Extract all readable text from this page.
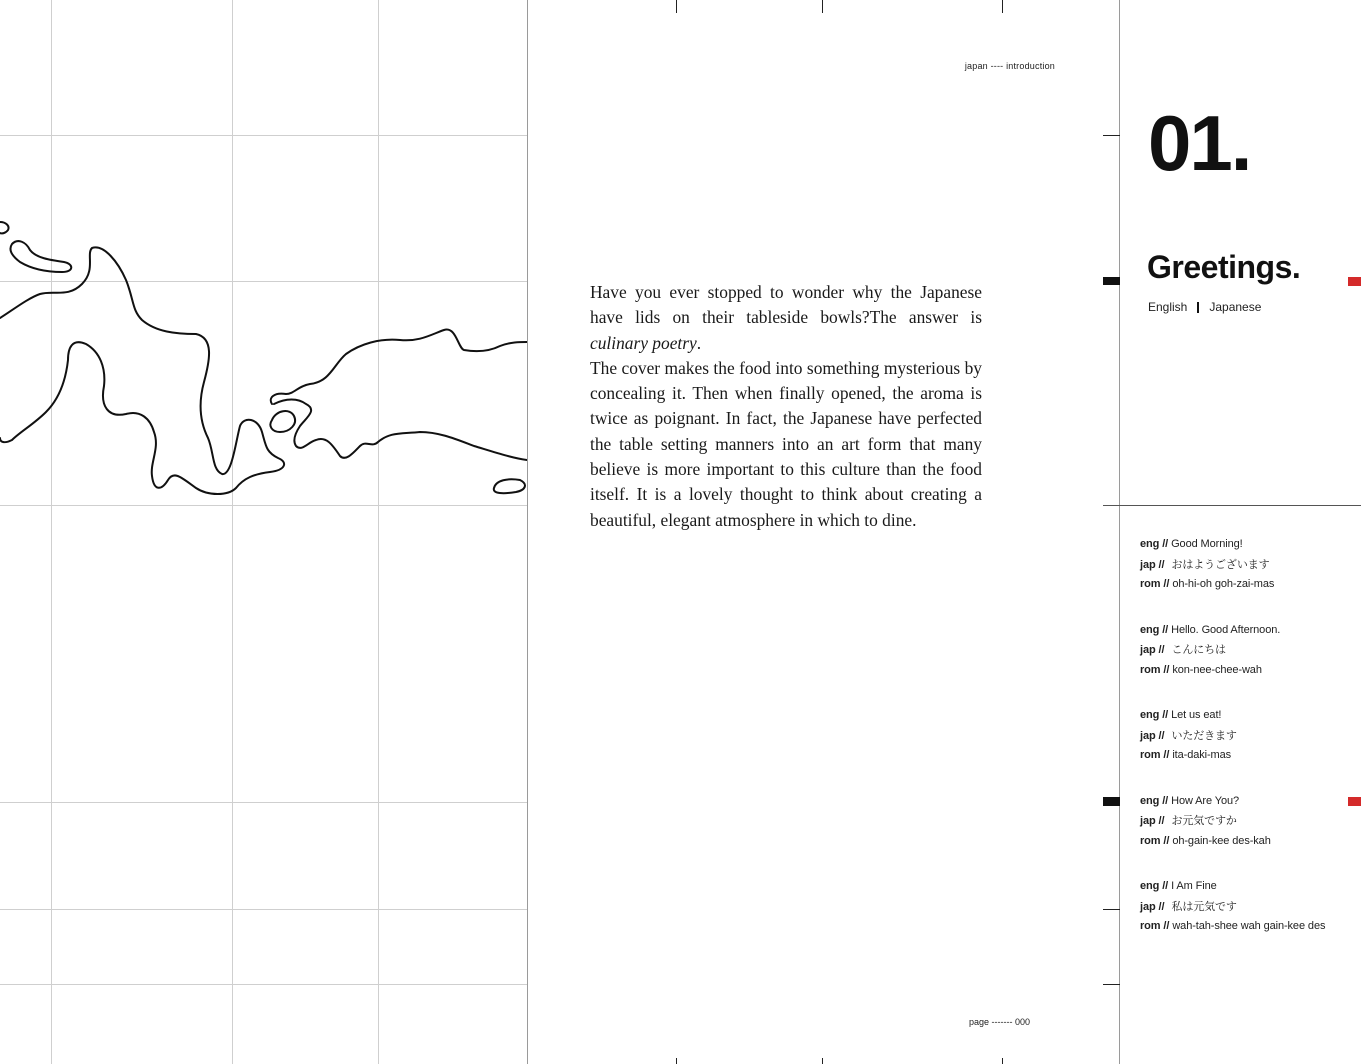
japan ---- introduction

Have you ever stopped to wonder why the Japanese have lids on their tableside bowls?The answer is culinary poetry.

The cover makes the food into something mysterious by concealing it. Then when finally opened, the aroma is twice as poignant. In fact, the Japanese have perfected the table setting manners into an art form that many believe is more important to this culture than the food itself. It is a lovely thought to think about creating a beautiful, elegant atmosphere in which to dine.

page ------- 000
01.
Greetings.
English Japanese
eng // Good Morning!
jap // おはようございます
rom // oh-hi-oh goh-zai-mas
eng // Hello. Good Afternoon.
jap // こんにちは
rom // kon-nee-chee-wah
eng // Let us eat!
jap // いただきます
rom // ita-daki-mas
eng // How Are You?
jap // お元気ですか
rom // oh-gain-kee des-kah
eng // I Am Fine
jap // 私は元気です
rom // wah-tah-shee wah gain-kee des
